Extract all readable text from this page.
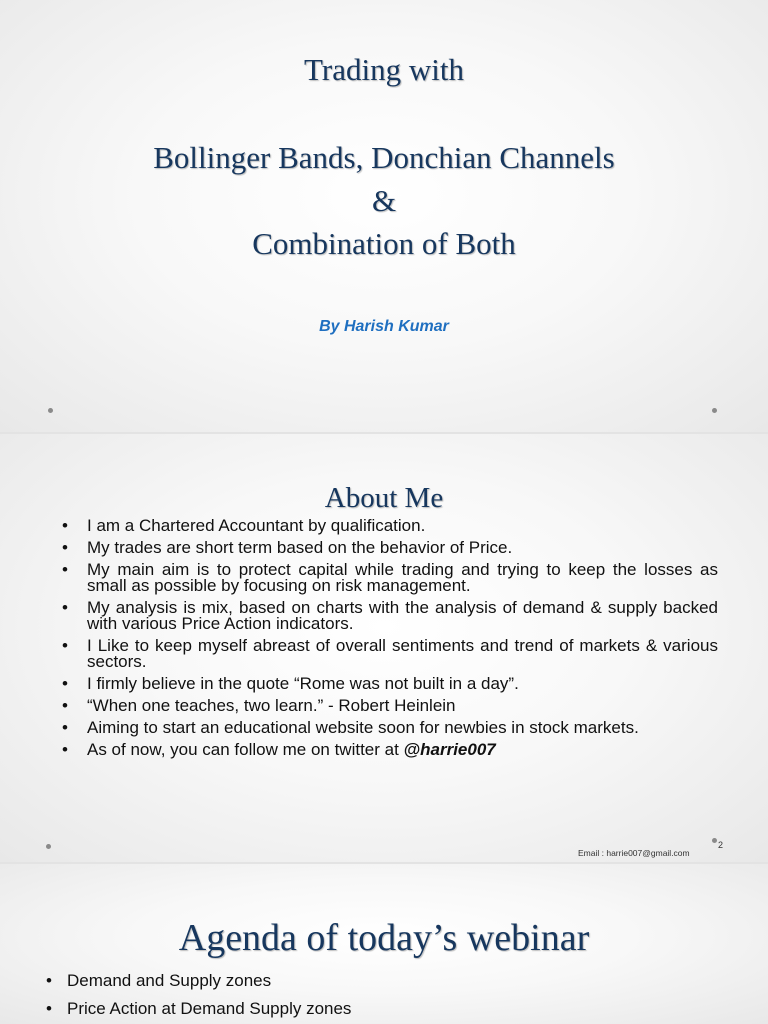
Trading with
Bollinger Bands, Donchian Channels
&
Combination of Both
By Harish Kumar
About Me
• I am a Chartered Accountant by qualification.
• My trades are short term based on the behavior of Price.
• My main aim is to protect capital while trading and trying to keep the losses as small as possible by focusing on risk management.
• My analysis is mix, based on charts with the analysis of demand & supply backed with various Price Action indicators.
• I Like to keep myself abreast of overall sentiments and trend of markets & various sectors.
• I firmly believe in the quote “Rome was not built in a day”.
• “When one teaches, two learn.” - Robert Heinlein
• Aiming to start an educational website soon for newbies in stock markets.
• As of now, you can follow me on twitter at @harrie007
Email : harrie007@gmail.com
2
Agenda of today’s webinar
• Demand and Supply zones
• Price Action at Demand Supply zones
